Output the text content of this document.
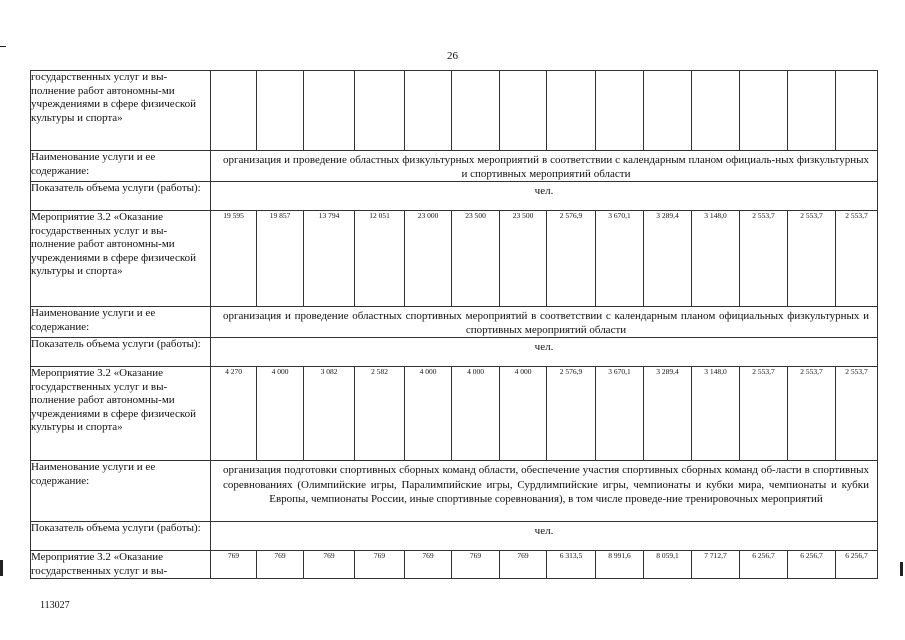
26
государственных услуг и вы-полнение работ автономны-ми учреждениями в сфере физической культуры и спорта»														
Наименование услуги и ее содержание:	организация и проведение областных физкультурных мероприятий в соответствии с календарным планом официаль-ных физкультурных и спортивных мероприятий области													
Показатель объема услуги (работы):	чел.													
Мероприятие 3.2 «Оказание государственных услуг и вы-полнение работ автономны-ми учреждениями в сфере физической культуры и спорта»	19 595	19 857	13 794	12 051	23 000	23 500	23 500	2 576,9	3 670,1	3 289,4	3 148,0	2 553,7	2 553,7	2 553,7
Наименование услуги и ее содержание:	организация и проведение областных спортивных мероприятий в соответствии с календарным планом официальных физкультурных и спортивных мероприятий области													
Показатель объема услуги (работы):	чел.													
Мероприятие 3.2 «Оказание государственных услуг и вы-полнение работ автономны-ми учреждениями в сфере физической культуры и спорта»	4 270	4 000	3 082	2 582	4 000	4 000	4 000	2 576,9	3 670,1	3 289,4	3 148,0	2 553,7	2 553,7	2 553,7
Наименование услуги и ее содержание:	организация подготовки спортивных сборных команд области, обеспечение участия спортивных сборных команд об-ласти в спортивных соревнованиях (Олимпийские игры, Паралимпийские игры, Сурдлимпийские игры, чемпионаты и кубки мира, чемпионаты и кубки Европы, чемпионаты России, иные спортивные соревнования), в том числе проведе-ние тренировочных мероприятий													
Показатель объема услуги (работы):	чел.													
Мероприятие 3.2 «Оказание государственных услуг и вы-	769	769	769	769	769	769	769	6 313,5	8 991,6	8 059,1	7 712,7	6 256,7	6 256,7	6 256,7
113027
